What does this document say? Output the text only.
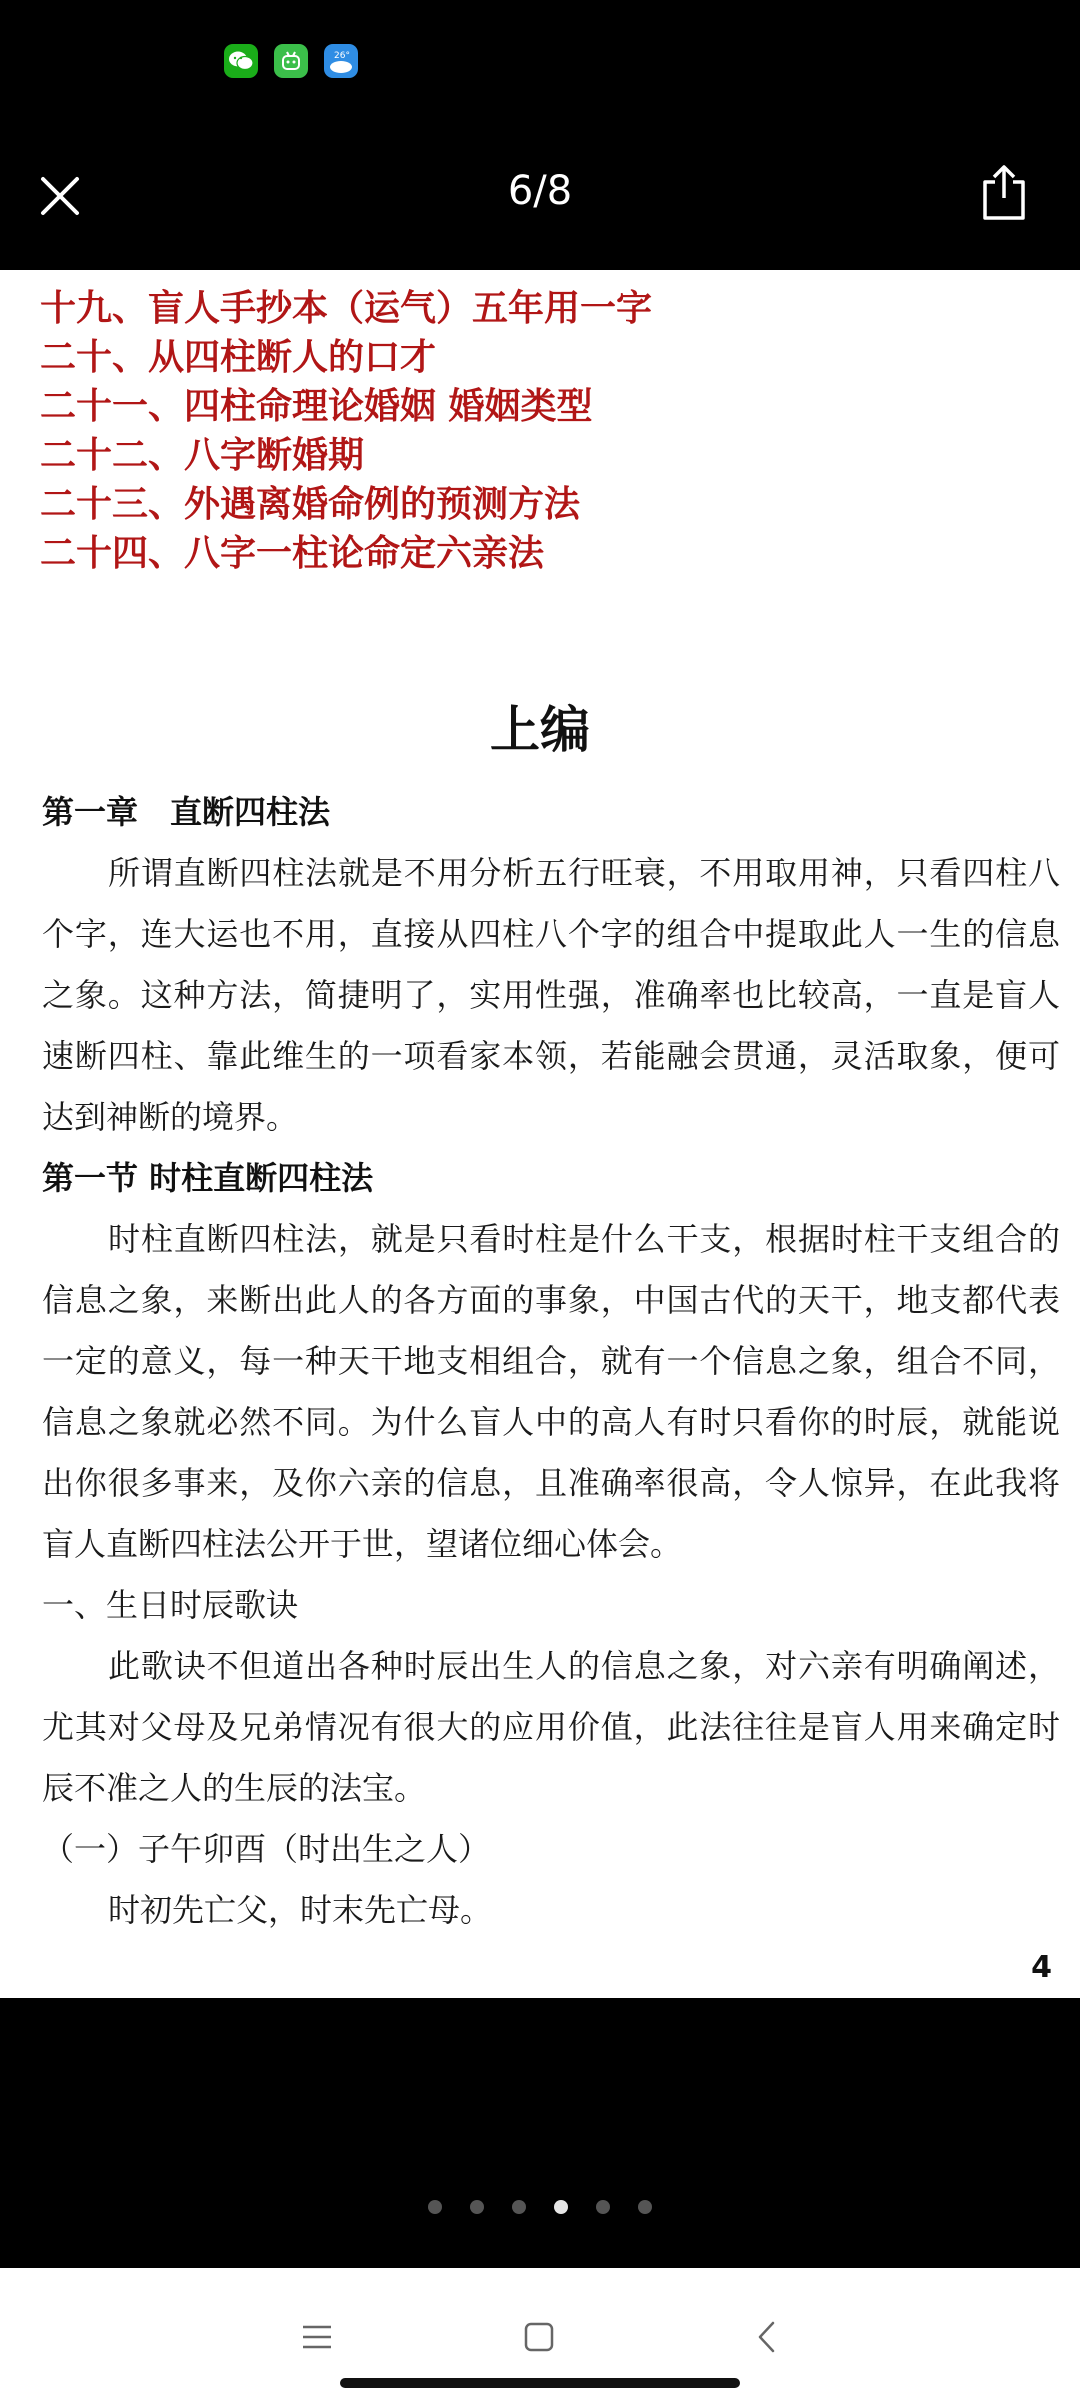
26°
6/8
十九、盲人手抄本（运气）五年用一字
二十、从四柱断人的口才
二十一、四柱命理论婚姻 婚姻类型
二十二、八字断婚期
二十三、外遇离婚命例的预测方法
二十四、八字一柱论命定六亲法
上编
第一章　直断四柱法
所谓直断四柱法就是不用分析五行旺衰，不用取用神，只看四柱八
个字，连大运也不用，直接从四柱八个字的组合中提取此人一生的信息
之象。这种方法，简捷明了，实用性强，准确率也比较高，一直是盲人
速断四柱、靠此维生的一项看家本领，若能融会贯通，灵活取象，便可
达到神断的境界。
第一节 时柱直断四柱法
时柱直断四柱法，就是只看时柱是什么干支，根据时柱干支组合的
信息之象，来断出此人的各方面的事象，中国古代的天干，地支都代表
一定的意义，每一种天干地支相组合，就有一个信息之象，组合不同，
信息之象就必然不同。为什么盲人中的高人有时只看你的时辰，就能说
出你很多事来，及你六亲的信息，且准确率很高，令人惊异，在此我将
盲人直断四柱法公开于世，望诸位细心体会。
一、生日时辰歌诀
此歌诀不但道出各种时辰出生人的信息之象，对六亲有明确阐述，
尤其对父母及兄弟情况有很大的应用价值，此法往往是盲人用来确定时
辰不准之人的生辰的法宝。
（一）子午卯酉（时出生之人）
时初先亡父，时末先亡母。
4
